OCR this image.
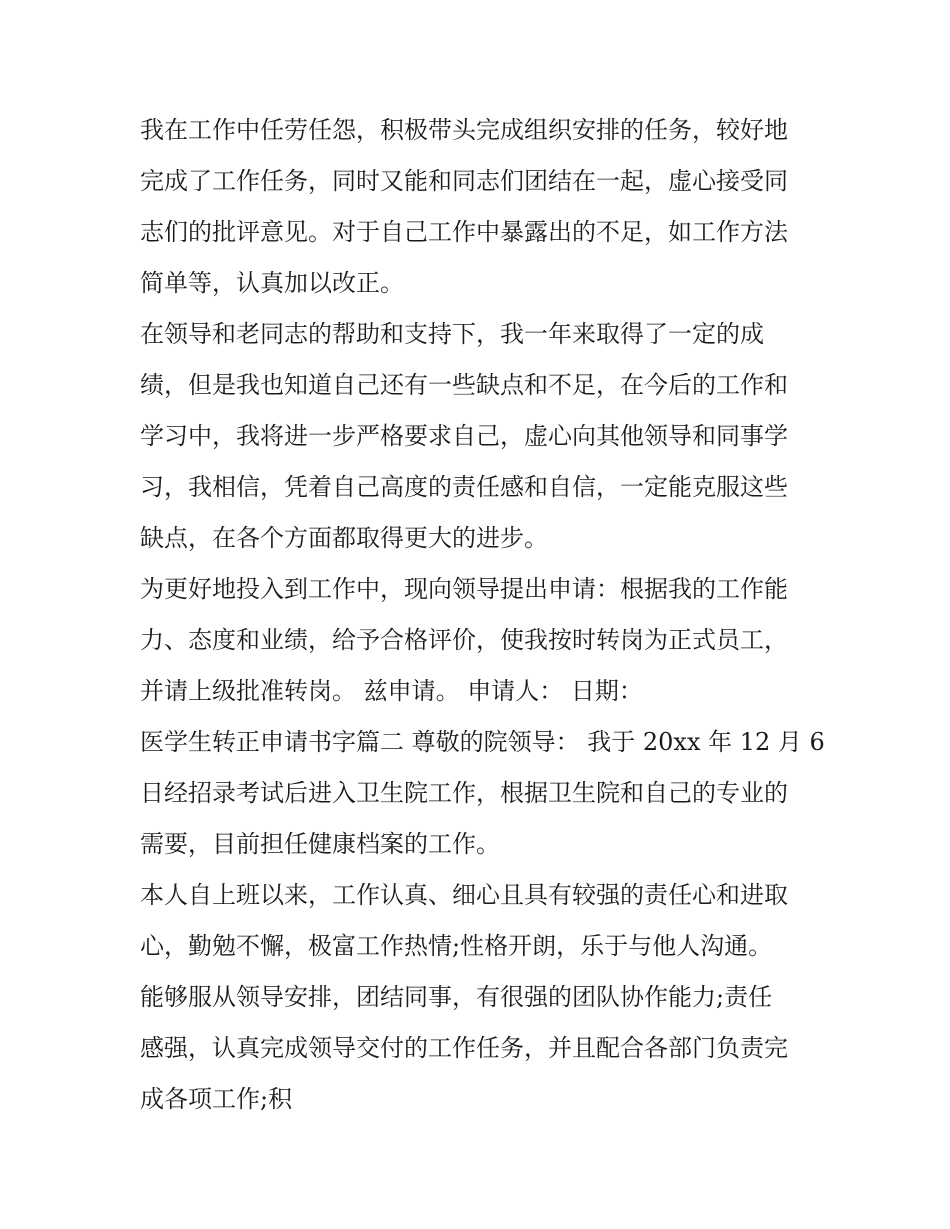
我在工作中任劳任怨，积极带头完成组织安排的任务，较好地
完成了工作任务，同时又能和同志们团结在一起，虚心接受同
志们的批评意见。对于自己工作中暴露出的不足，如工作方法
简单等，认真加以改正。
在领导和老同志的帮助和支持下，我一年来取得了一定的成
绩，但是我也知道自己还有一些缺点和不足，在今后的工作和
学习中，我将进一步严格要求自己，虚心向其他领导和同事学
习，我相信，凭着自己高度的责任感和自信，一定能克服这些
缺点，在各个方面都取得更大的进步。
为更好地投入到工作中，现向领导提出申请：根据我的工作能
力、态度和业绩，给予合格评价，使我按时转岗为正式员工，
并请上级批准转岗。 兹申请。 申请人： 日期：
医学生转正申请书字篇二 尊敬的院领导： 我于 20xx 年 12 月 6
日经招录考试后进入卫生院工作，根据卫生院和自己的专业的
需要，目前担任健康档案的工作。
本人自上班以来，工作认真、细心且具有较强的责任心和进取
心，勤勉不懈，极富工作热情;性格开朗，乐于与他人沟通。
能够服从领导安排，团结同事，有很强的团队协作能力;责任
感强，认真完成领导交付的工作任务，并且配合各部门负责完
成各项工作;积
